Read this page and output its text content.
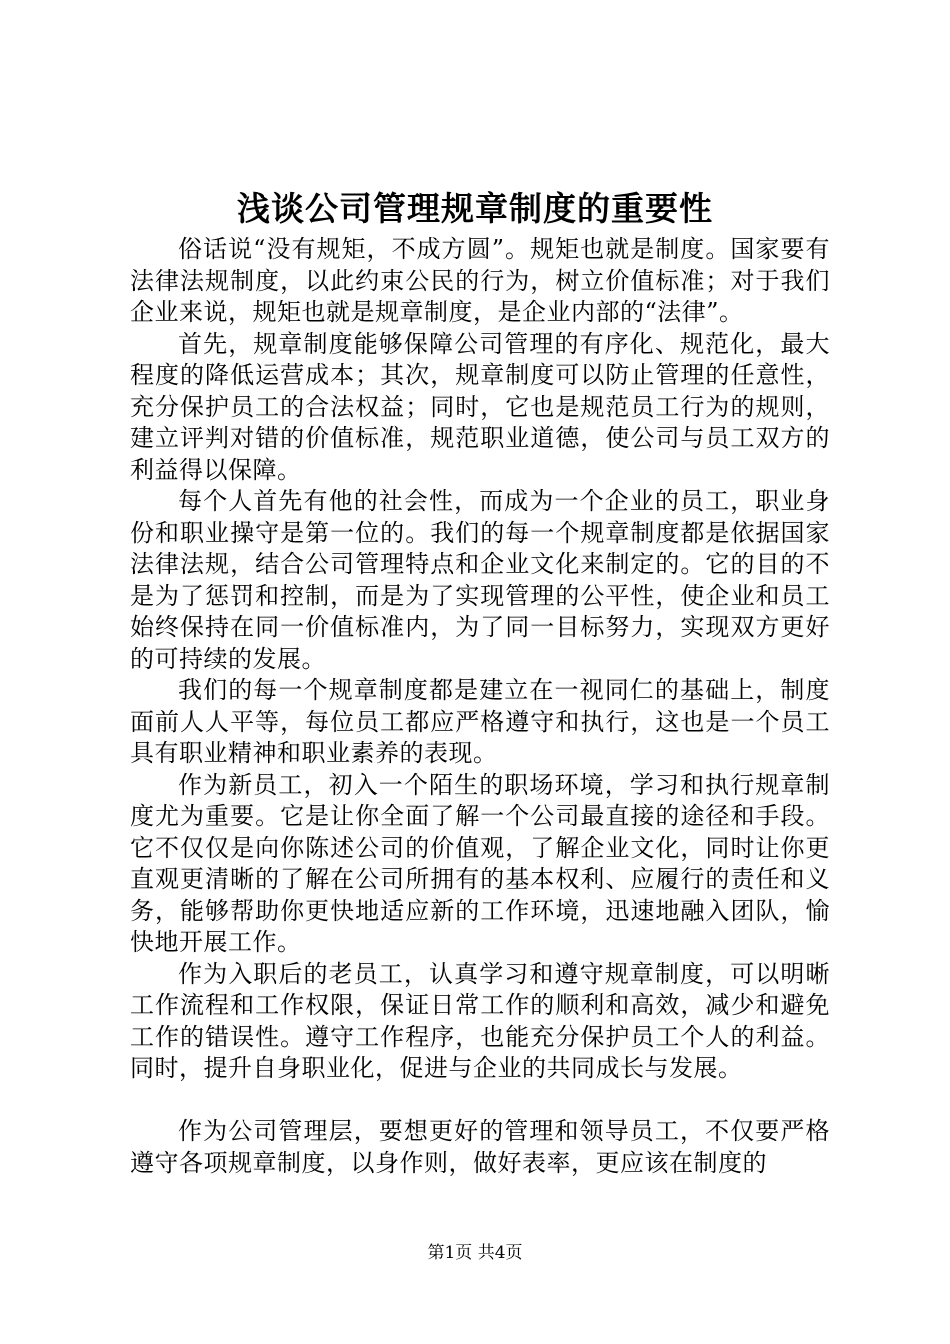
浅谈公司管理规章制度的重要性

俗话说“没有规矩，不成方圆”。规矩也就是制度。国家要有法律法规制度，以此约束公民的行为，树立价值标准；对于我们企业来说，规矩也就是规章制度，是企业内部的“法律”。

首先，规章制度能够保障公司管理的有序化、规范化，最大程度的降低运营成本；其次，规章制度可以防止管理的任意性，充分保护员工的合法权益；同时，它也是规范员工行为的规则，建立评判对错的价值标准，规范职业道德，使公司与员工双方的利益得以保障。

每个人首先有他的社会性，而成为一个企业的员工，职业身份和职业操守是第一位的。我们的每一个规章制度都是依据国家法律法规，结合公司管理特点和企业文化来制定的。它的目的不是为了惩罚和控制，而是为了实现管理的公平性，使企业和员工始终保持在同一价值标准内，为了同一目标努力，实现双方更好的可持续的发展。

我们的每一个规章制度都是建立在一视同仁的基础上，制度面前人人平等，每位员工都应严格遵守和执行，这也是一个员工具有职业精神和职业素养的表现。

作为新员工，初入一个陌生的职场环境，学习和执行规章制度尤为重要。它是让你全面了解一个公司最直接的途径和手段。它不仅仅是向你陈述公司的价值观，了解企业文化，同时让你更直观更清晰的了解在公司所拥有的基本权利、应履行的责任和义务，能够帮助你更快地适应新的工作环境，迅速地融入团队，愉快地开展工作。

作为入职后的老员工，认真学习和遵守规章制度，可以明晰工作流程和工作权限，保证日常工作的顺利和高效，减少和避免工作的错误性。遵守工作程序，也能充分保护员工个人的利益。同时，提升自身职业化，促进与企业的共同成长与发展。

作为公司管理层，要想更好的管理和领导员工，不仅要严格遵守各项规章制度，以身作则，做好表率，更应该在制度的

第1页 共4页
